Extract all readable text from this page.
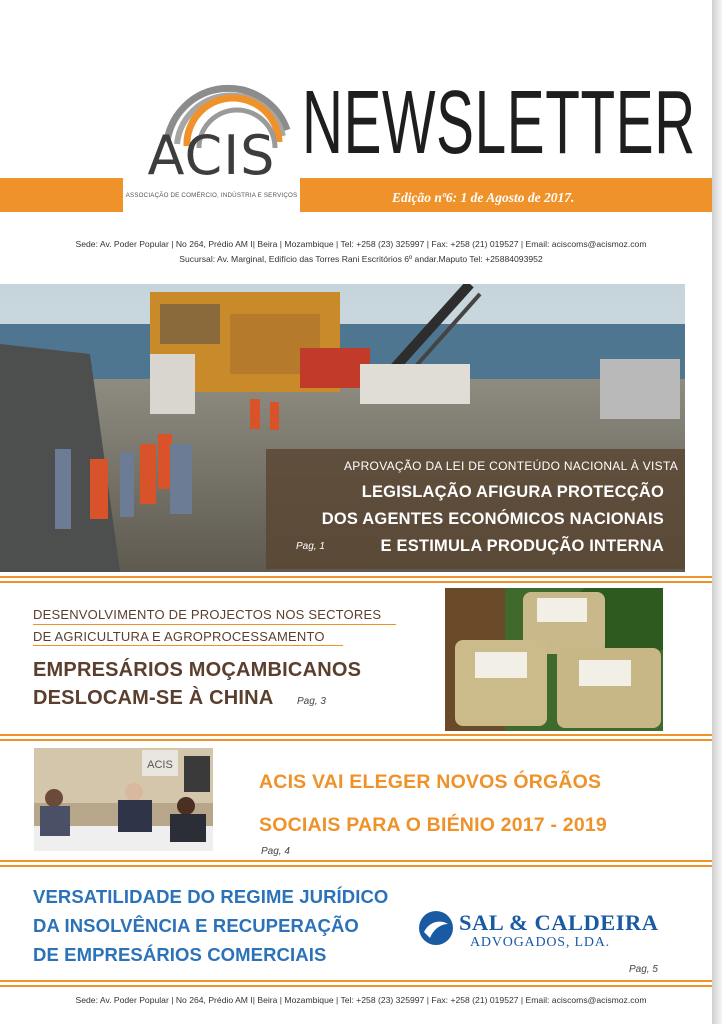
ACIS
ASSOCIAÇÃO DE COMÉRCIO, INDÚSTRIA E SERVIÇOS
NEWSLETTER
Edição nº6: 1 de Agosto de 2017.
Sede: Av. Poder Popular | No 264, Prédio AM I| Beira | Mozambique | Tel: +258 (23) 325997 | Fax: +258 (21) 019527 | Email: aciscoms@acismoz.com
Sucursal: Av. Marginal, Edifício das Torres Rani Escritórios 6º andar.Maputo Tel: +25884093952
APROVAÇÃO DA LEI DE CONTEÚDO NACIONAL À VISTA
LEGISLAÇÃO AFIGURA PROTECÇÃO
DOS AGENTES ECONÓMICOS NACIONAIS
E ESTIMULA PRODUÇÃO INTERNA
Pag, 1
DESENVOLVIMENTO DE PROJECTOS NOS SECTORES
DE AGRICULTURA E AGROPROCESSAMENTO
EMPRESÁRIOS MOÇAMBICANOS
DESLOCAM-SE À CHINA Pag, 3
ACIS
ACIS VAI ELEGER NOVOS ÓRGÃOS
SOCIAIS PARA O BIÉNIO 2017 - 2019
Pag, 4
VERSATILIDADE DO REGIME JURÍDICO
DA INSOLVÊNCIA E RECUPERAÇÃO
DE EMPRESÁRIOS COMERCIAIS
SAL & CALDEIRA
ADVOGADOS, LDA.
Pag, 5
Sede: Av. Poder Popular | No 264, Prédio AM I| Beira | Mozambique | Tel: +258 (23) 325997 | Fax: +258 (21) 019527 | Email: aciscoms@acismoz.com
